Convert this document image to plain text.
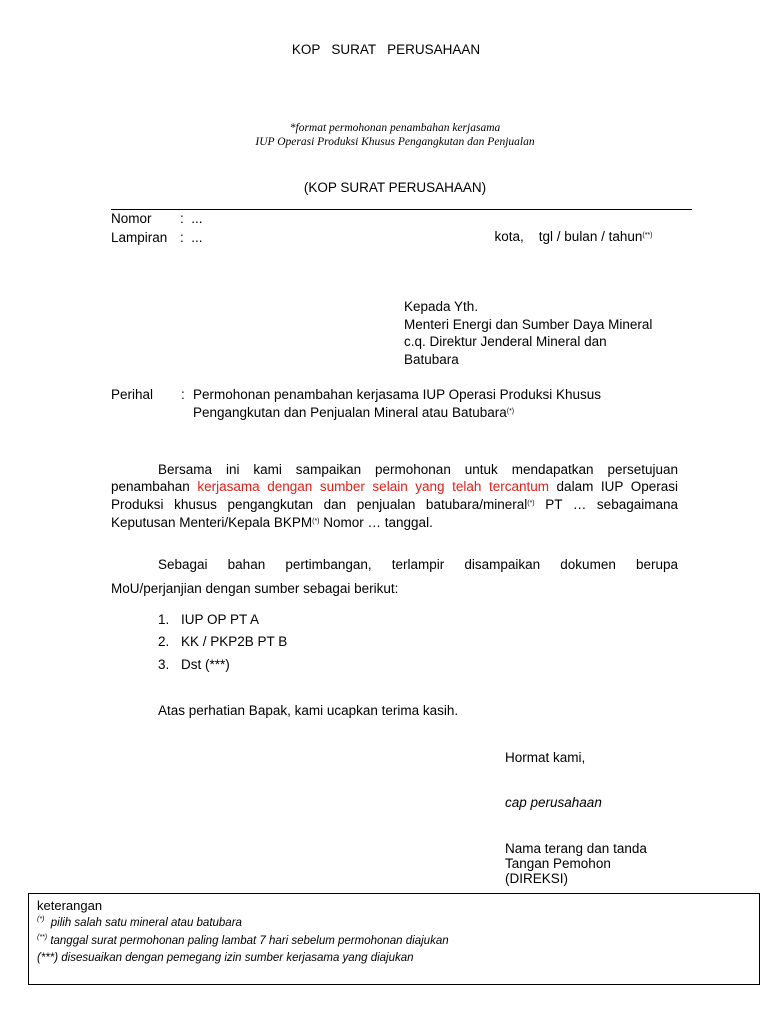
KOP   SURAT   PERUSAHAAN
*format permohonan penambahan kerjasama
IUP Operasi Produksi Khusus Pengangkutan dan Penjualan
(KOP SURAT PERUSAHAAN)
Nomor :  ...
Lampiran :  ...	kota,    tgl / bulan / tahun(**)

Kepada Yth.
Menteri Energi dan Sumber Daya Mineral
c.q. Direktur Jenderal Mineral dan
Batubara
Perihal : Permohonan penambahan kerjasama IUP Operasi Produksi Khusus
Pengangkutan dan Penjualan Mineral atau Batubara(*)
Bersama ini kami sampaikan permohonan untuk mendapatkan persetujuan
penambahan kerjasama dengan sumber selain yang telah tercantum dalam IUP Operasi
Produksi khusus pengangkutan dan penjualan batubara/mineral(*) PT … sebagaimana
Keputusan Menteri/Kepala BKPM(*) Nomor … tanggal.
Sebagai bahan pertimbangan, terlampir disampaikan dokumen berupa
MoU/perjanjian dengan sumber sebagai berikut:
1. IUP OP PT A
2. KK / PKP2B PT B
3. Dst (***)
Atas perhatian Bapak, kami ucapkan terima kasih.
Hormat kami,
cap perusahaan
Nama terang dan tanda
Tangan Pemohon
(DIREKSI)
keterangan
(*)  pilih salah satu mineral atau batubara
(**) tanggal surat permohonan paling lambat 7 hari sebelum permohonan diajukan
(***) disesuaikan dengan pemegang izin sumber kerjasama yang diajukan
